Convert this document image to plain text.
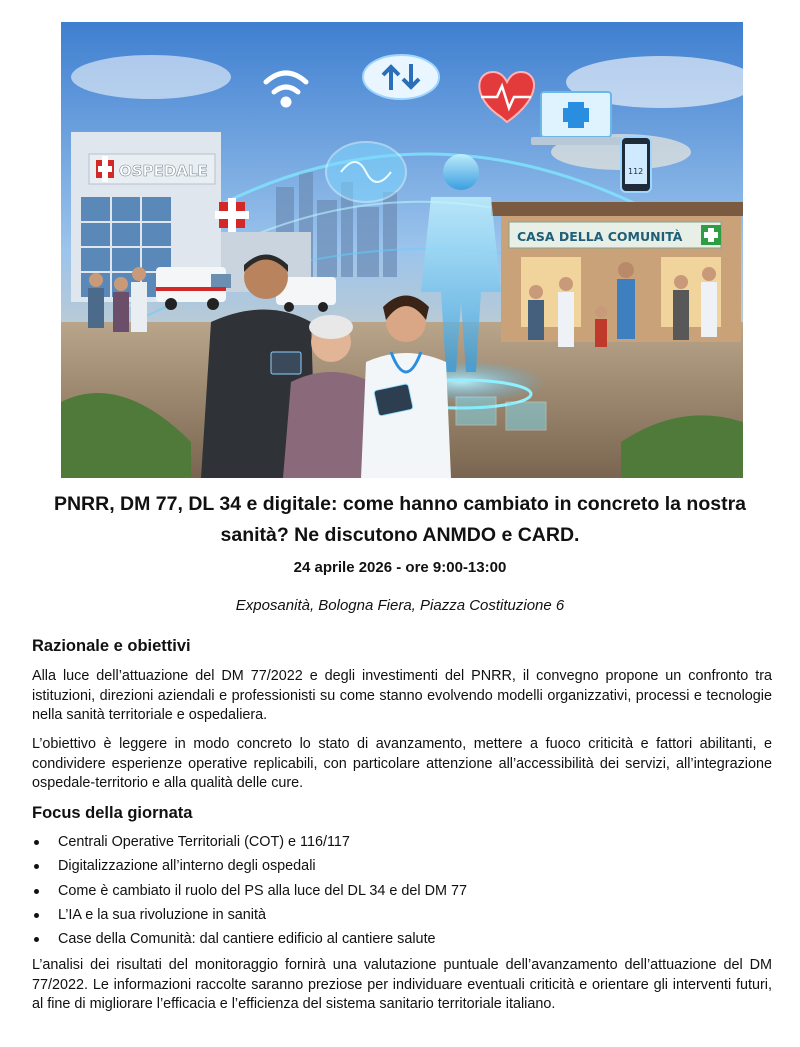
OSPEDALE
CASA DELLA COMUNITÀ
112
PNRR, DM 77, DL 34 e digitale: come hanno cambiato in concreto la nostra sanità? Ne discutono ANMDO e CARD.
24 aprile 2026 - ore 9:00-13:00
Exposanità, Bologna Fiera, Piazza Costituzione 6
Razionale e obiettivi

Alla luce dell’attuazione del DM 77/2022 e degli investimenti del PNRR, il convegno propone un confronto tra istituzioni, direzioni aziendali e professionisti su come stanno evolvendo modelli organizzativi, processi e tecnologie nella sanità territoriale e ospedaliera.

L’obiettivo è leggere in modo concreto lo stato di avanzamento, mettere a fuoco criticità e fattori abilitanti, e condividere esperienze operative replicabili, con particolare attenzione all’accessibilità dei servizi, all’integrazione ospedale-territorio e alla qualità delle cure.

Focus della giornata
Centrali Operative Territoriali (COT) e 116/117
Digitalizzazione all’interno degli ospedali
Come è cambiato il ruolo del PS alla luce del DL 34 e del DM 77
L’IA e la sua rivoluzione in sanità
Case della Comunità: dal cantiere edificio al cantiere salute

L’analisi dei risultati del monitoraggio fornirà una valutazione puntuale dell’avanzamento dell’attuazione del DM 77/2022. Le informazioni raccolte saranno preziose per individuare eventuali criticità e orientare gli interventi futuri, al fine di migliorare l’efficacia e l’efficienza del sistema sanitario territoriale italiano.
